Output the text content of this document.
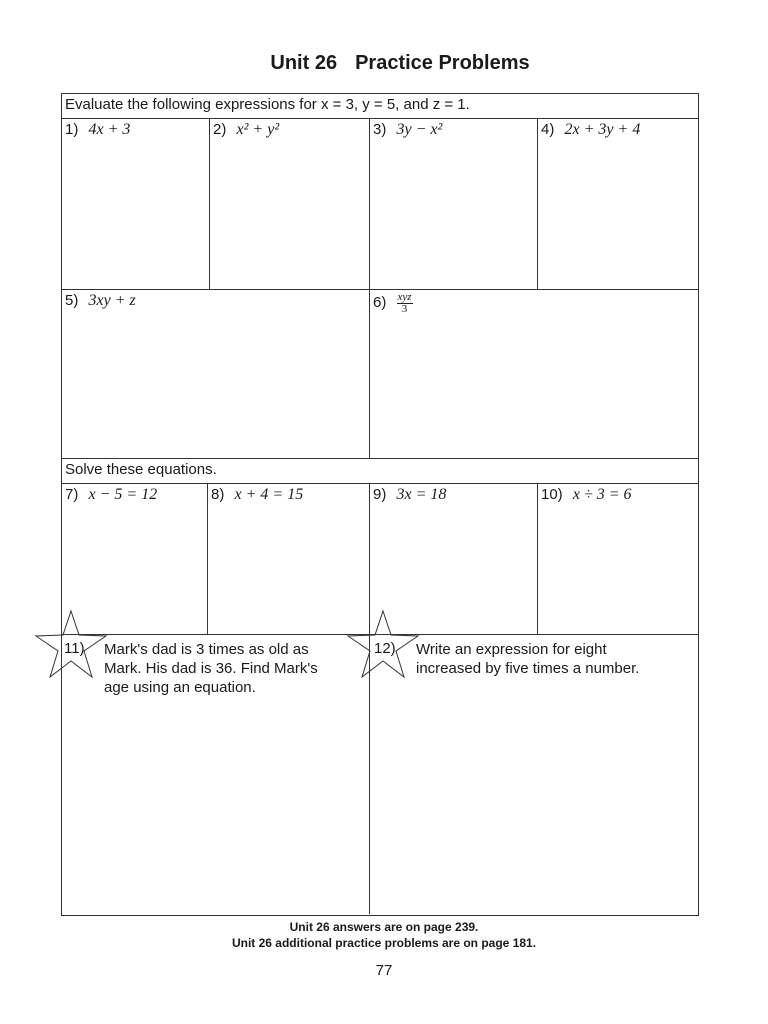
Unit 26 Practice Problems
Evaluate the following expressions for x = 3, y = 5, and z = 1.
1) 4x + 3	2) x² + y²	3) 3y − x²	4) 2x + 3y + 4
5) 3xy + z	$6) \frac{\text{xyz}}{3}$
Solve these equations.
7) x − 5 = 12	8) x + 4 = 15	9) 3x = 18	10) x ÷ 3 = 6
11) Mark's dad is 3 times as old as
Mark. His dad is 36. Find Mark's
age using an equation.
12) Write an expression for eight
increased by five times a number.
Unit 26 answers are on page 239.
Unit 26 additional practice problems are on page 181.
77
